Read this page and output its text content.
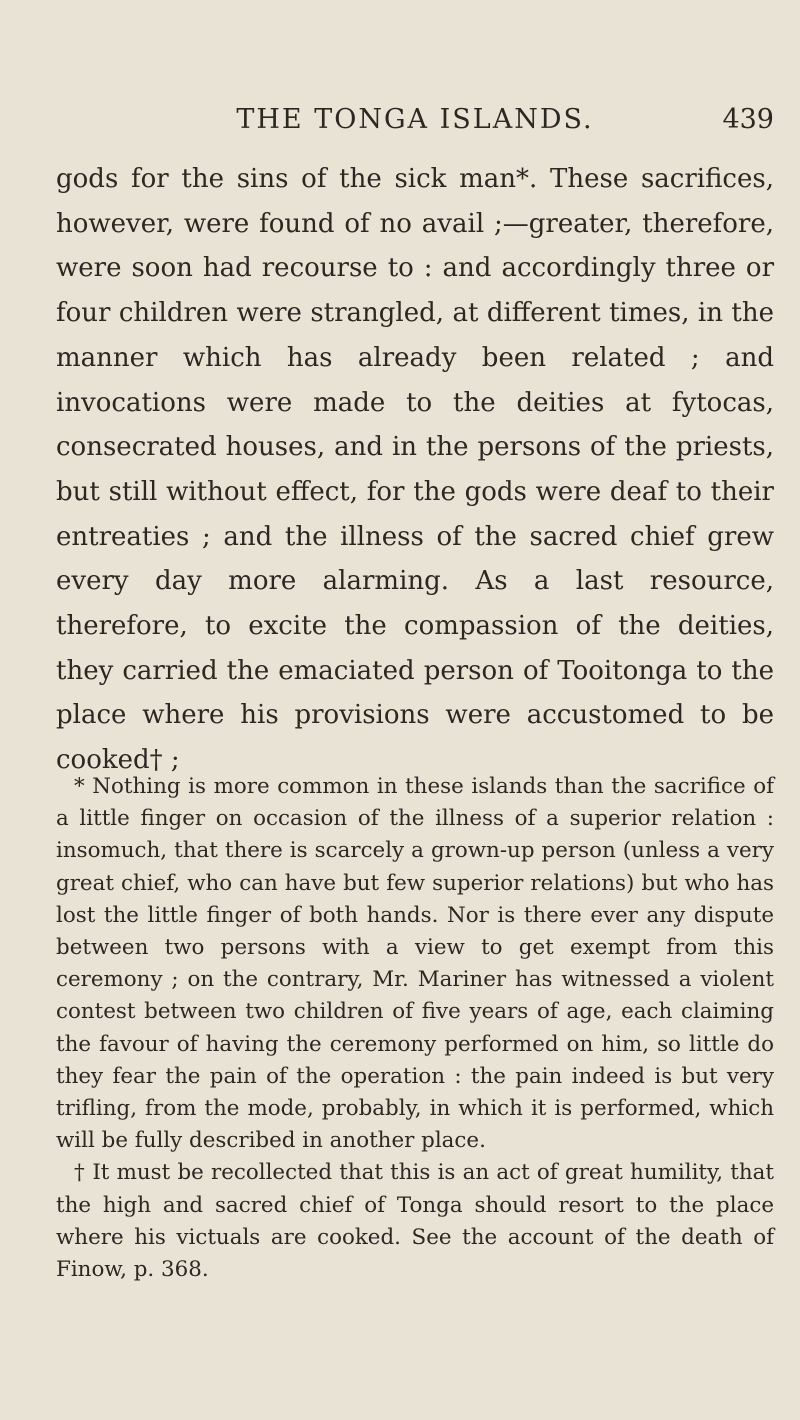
THE TONGA ISLANDS.	439

gods for the sins of the sick man*. These sacrifices, however, were found of no avail ;—greater, therefore, were soon had recourse to : and accordingly three or four children were strangled, at different times, in the manner which has already been related ; and invocations were made to the deities at fytocas, consecrated houses, and in the persons of the priests, but still without effect, for the gods were deaf to their entreaties ; and the illness of the sacred chief grew every day more alarming. As a last resource, therefore, to excite the compassion of the deities, they carried the emaciated person of Tooitonga to the place where his provisions were accustomed to be cooked† ;

* Nothing is more common in these islands than the sacrifice of a little finger on occasion of the illness of a superior relation : insomuch, that there is scarcely a grown-up person (unless a very great chief, who can have but few superior relations) but who has lost the little finger of both hands. Nor is there ever any dispute between two persons with a view to get exempt from this ceremony ; on the contrary, Mr. Mariner has witnessed a violent contest between two children of five years of age, each claiming the favour of having the ceremony performed on him, so little do they fear the pain of the operation : the pain indeed is but very trifling, from the mode, probably, in which it is performed, which will be fully described in another place.

† It must be recollected that this is an act of great humility, that the high and sacred chief of Tonga should resort to the place where his victuals are cooked. See the account of the death of Finow, p. 368.
